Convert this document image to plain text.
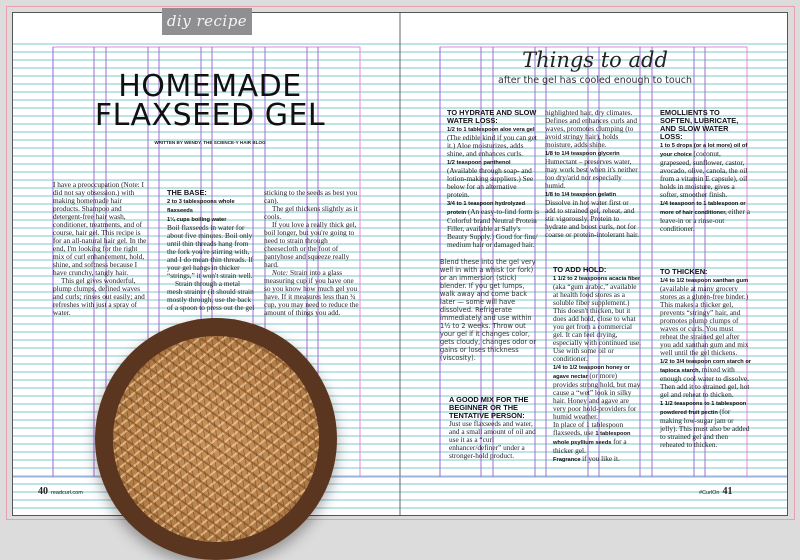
diy recipe
HOMEMADE
FLAXSEED GEL
WRITTEN BY WENDY, THE SCIENCE-Y HAIR BLOG

I have a preoccupation (Note: I did not say obsession.) with making homemade hair products. Shampoo and detergent-free hair wash, conditioner, treatments, and of course, hair gel. This recipe is for an all-natural hair gel. In the end, I'm looking for the right mix of curl enhancement, hold, shine, and softness because I have crunchy, tangly hair.

This gel gives wonderful, plump clumps, defined waves and curls; rinses out easily; and refreshes with just a spray of water.

THE BASE:

2 to 3 tablespoons whole flaxseeds

1¼ cups boiling water

Boil flaxseeds in water for about five minutes. Boil only until thin threads hang from the fork you're stirring with, and I do mean thin threads. If your gel hangs in thicker “strings,” it won't strain well.

Strain through a metal mesh strainer (it should strain mostly through, use the back of a spoon to press out the gel

sticking to the seeds as best you can).

The gel thickens slightly as it cools.

If you love a really thick gel, boil longer, but you're going to need to strain through cheesecloth or the foot of pantyhose and squeeze really hard.

Note: Strain into a glass measuring cup if you have one so you know how much gel you have. If it measures less than ¾ cup, you may need to reduce the amount of things you add.

Things to add
after the gel has cooled enough to touch

TO HYDRATE AND SLOW WATER LOSS:

1/2 to 1 tablespoon aloe vera gel (The edible kind if you can get it.) Aloe moisturizes, adds shine, and enhances curls.

1/2 teaspoon panthenol (Available through soap- and lotion-making suppliers.) See below for an alternative protein.

3/4 to 1 teaspoon hydrolyzed protein (An easy-to-find form is Colorful brand Neutral Protein Filler, available at Sally's Beauty Supply.) Good for fine/ medium hair or damaged hair.

highlighted hair, dry climates. Defines and enhances curls and waves, promotes clumping (to avoid stringy hair), holds moisture, adds shine.

1/8 to 1/4 teaspoon glycerin Humectant – preserves water, may work best when it's neither too dry/arid nor especially humid.

1/8 to 1/4 teaspoon gelatin Dissolve in hot water first or add to strained gel, reheat, and stir vigorously. Protein to hydrate and boost curls, not for coarse or protein-intolerant hair.

EMOLLIENTS TO SOFTEN, LUBRICATE, AND SLOW WATER LOSS:

1 to 5 drops (or a lot more) oil of your choice (coconut, grapeseed, sunflower, castor, avocado, olive, canola, the oil from a vitamin E capsule), oil holds in moisture, gives a softer, smoother finish.

1/4 teaspoon to 1 tablespoon or more of hair conditioner, either a leave-in or a rinse-out conditioner.

Blend these into the gel very well in with a whisk (or fork) or an immersion (stick) blender. If you get lumps, walk away and come back later — some will have dissolved. Refrigerate immediately and use within 1½ to 2 weeks. Throw out your gel if it changes color, gets cloudy, changes odor or gains or loses thickness (viscosity).

A GOOD MIX FOR THE BEGINNER OR THE TENTATIVE PERSON:

Just use flaxseeds and water, and a small amount of oil and use it as a “curl enhancer/definer” under a stronger-hold product.

TO ADD HOLD:

1 1/2 to 2 teaspoons acacia fiber (aka “gum arabic,” available at health food stores as a soluble fiber supplement.) This doesn't thicken, but it does add hold, close to what you get from a commercial gel. It can feel drying, especially with continued use. Use with some oil or conditioner.

1/4 to 1/2 teaspoon honey or agave nectar (or more) provides strong hold, but may cause a “wet” look in silky hair. Honey and agave are very poor hold-providers for humid weather.

In place of 1 tablespoon flaxseeds, use 1 tablespoon whole psyllium seeds for a thicker gel.

Fragrance if you like it.

TO THICKEN:

1/4 to 1/2 teaspoon xanthan gum (available at many grocery stores as a gluten-free binder.) This makes a thicker gel, prevents “stringy” hair, and promotes plump clumps of waves or curls. You must reheat the strained gel after you add xanthan gum and mix well until the gel thickens.

1/2 to 3/4 teaspoon corn starch or tapioca starch, mixed with enough cool water to dissolve. Then add it to strained gel, hot gel and reheat to thicken.

1 1/2 teaspoons to 1 tablespoon powdered fruit pectin (for making low-sugar jam or jelly). This must also be added to strained gel and then reheated to thicken.

40 readcurl.com	#CurlOn 41
